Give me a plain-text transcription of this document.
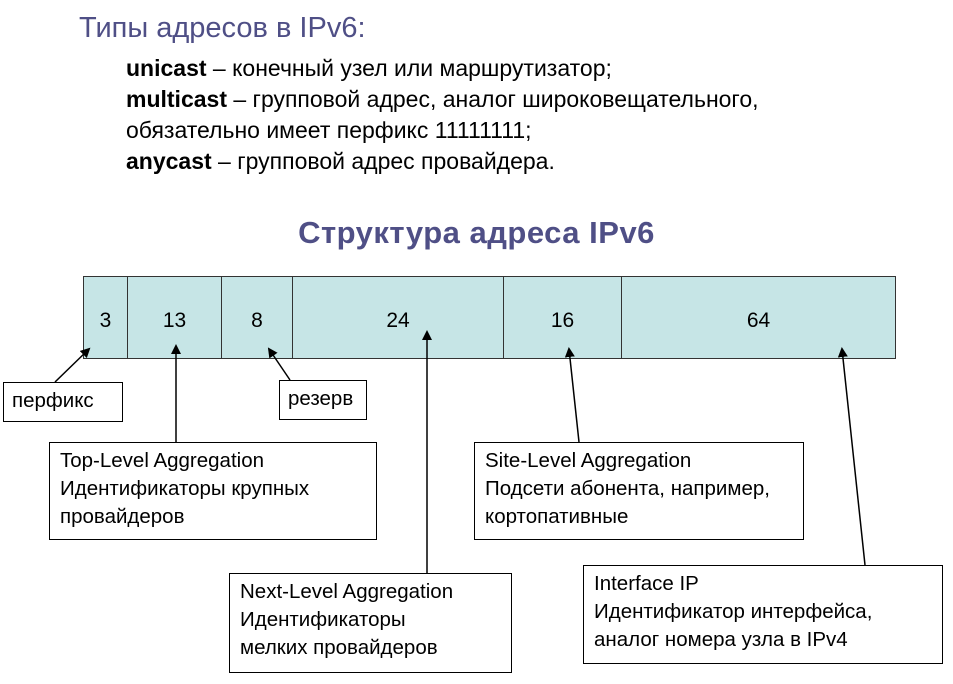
Типы адресов в IPv6:
unicast – конечный узел или маршрутизатор;
multicast – групповой адрес, аналог широковещательного,
обязательно имеет перфикс 11111111;
anycast – групповой адрес провайдера.
Структура адреса IPv6
3	13	8	24	16	64
перфикс	резерв
Top-Level Aggregation
Идентификаторы крупных
провайдеров
Site-Level Aggregation
Подсети абонента, например,
кортопативные
Next-Level Aggregation
Идентификаторы
мелких провайдеров
Interface IP
Идентификатор интерфейса,
аналог номера узла в IPv4
